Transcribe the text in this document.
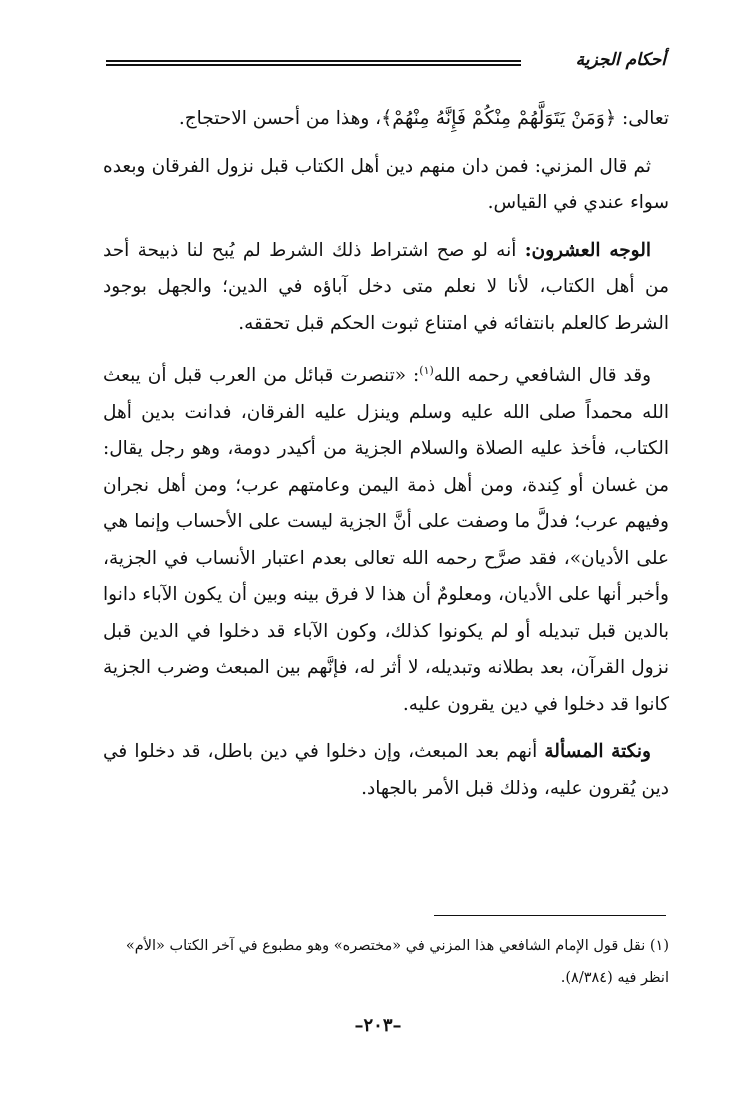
أحكام الجزية

تعالى: ﴿وَمَنْ يَتَوَلَّهُمْ مِنْكُمْ فَإِنَّهُ مِنْهُمْ﴾، وهذا من أحسن الاحتجاج.

ثم قال المزني: فمن دان منهم دين أهل الكتاب قبل نزول الفرقان وبعده سواء عندي في القياس.

الوجه العشرون: أنه لو صح اشتراط ذلك الشرط لم يُبح لنا ذبيحة أحد من أهل الكتاب، لأنا لا نعلم متى دخل آباؤه في الدين؛ والجهل بوجود الشرط كالعلم بانتفائه في امتناع ثبوت الحكم قبل تحققه.

وقد قال الشافعي رحمه الله$^{(١)}$: «تنصرت قبائل من العرب قبل أن يبعث الله محمداً صلى الله عليه وسلم وينزل عليه الفرقان، فدانت بدين أهل الكتاب، فأخذ عليه الصلاة والسلام الجزية من أكيدر دومة، وهو رجل يقال: من غسان أو كِندة، ومن أهل ذمة اليمن وعامتهم عرب؛ ومن أهل نجران وفيهم عرب؛ فدلَّ ما وصفت على أنَّ الجزية ليست على الأحساب وإنما هي على الأديان»، فقد صرَّح رحمه الله تعالى بعدم اعتبار الأنساب في الجزية، وأخبر أنها على الأديان، ومعلومٌ أن هذا لا فرق بينه وبين أن يكون الآباء دانوا بالدين قبل تبديله أو لم يكونوا كذلك، وكون الآباء قد دخلوا في الدين قبل نزول القرآن، بعد بطلانه وتبديله، لا أثر له، فإنَّهم بين المبعث وضرب الجزية كانوا قد دخلوا في دين يقرون عليه.

ونكتة المسألة أنهم بعد المبعث، وإن دخلوا في دين باطل، قد دخلوا في دين يُقرون عليه، وذلك قبل الأمر بالجهاد.

(١) نقل قول الإمام الشافعي هذا المزني في «مختصره» وهو مطبوع في آخر الكتاب «الأم» انظر فيه (٨/٣٨٤).
–٢٠٣–
